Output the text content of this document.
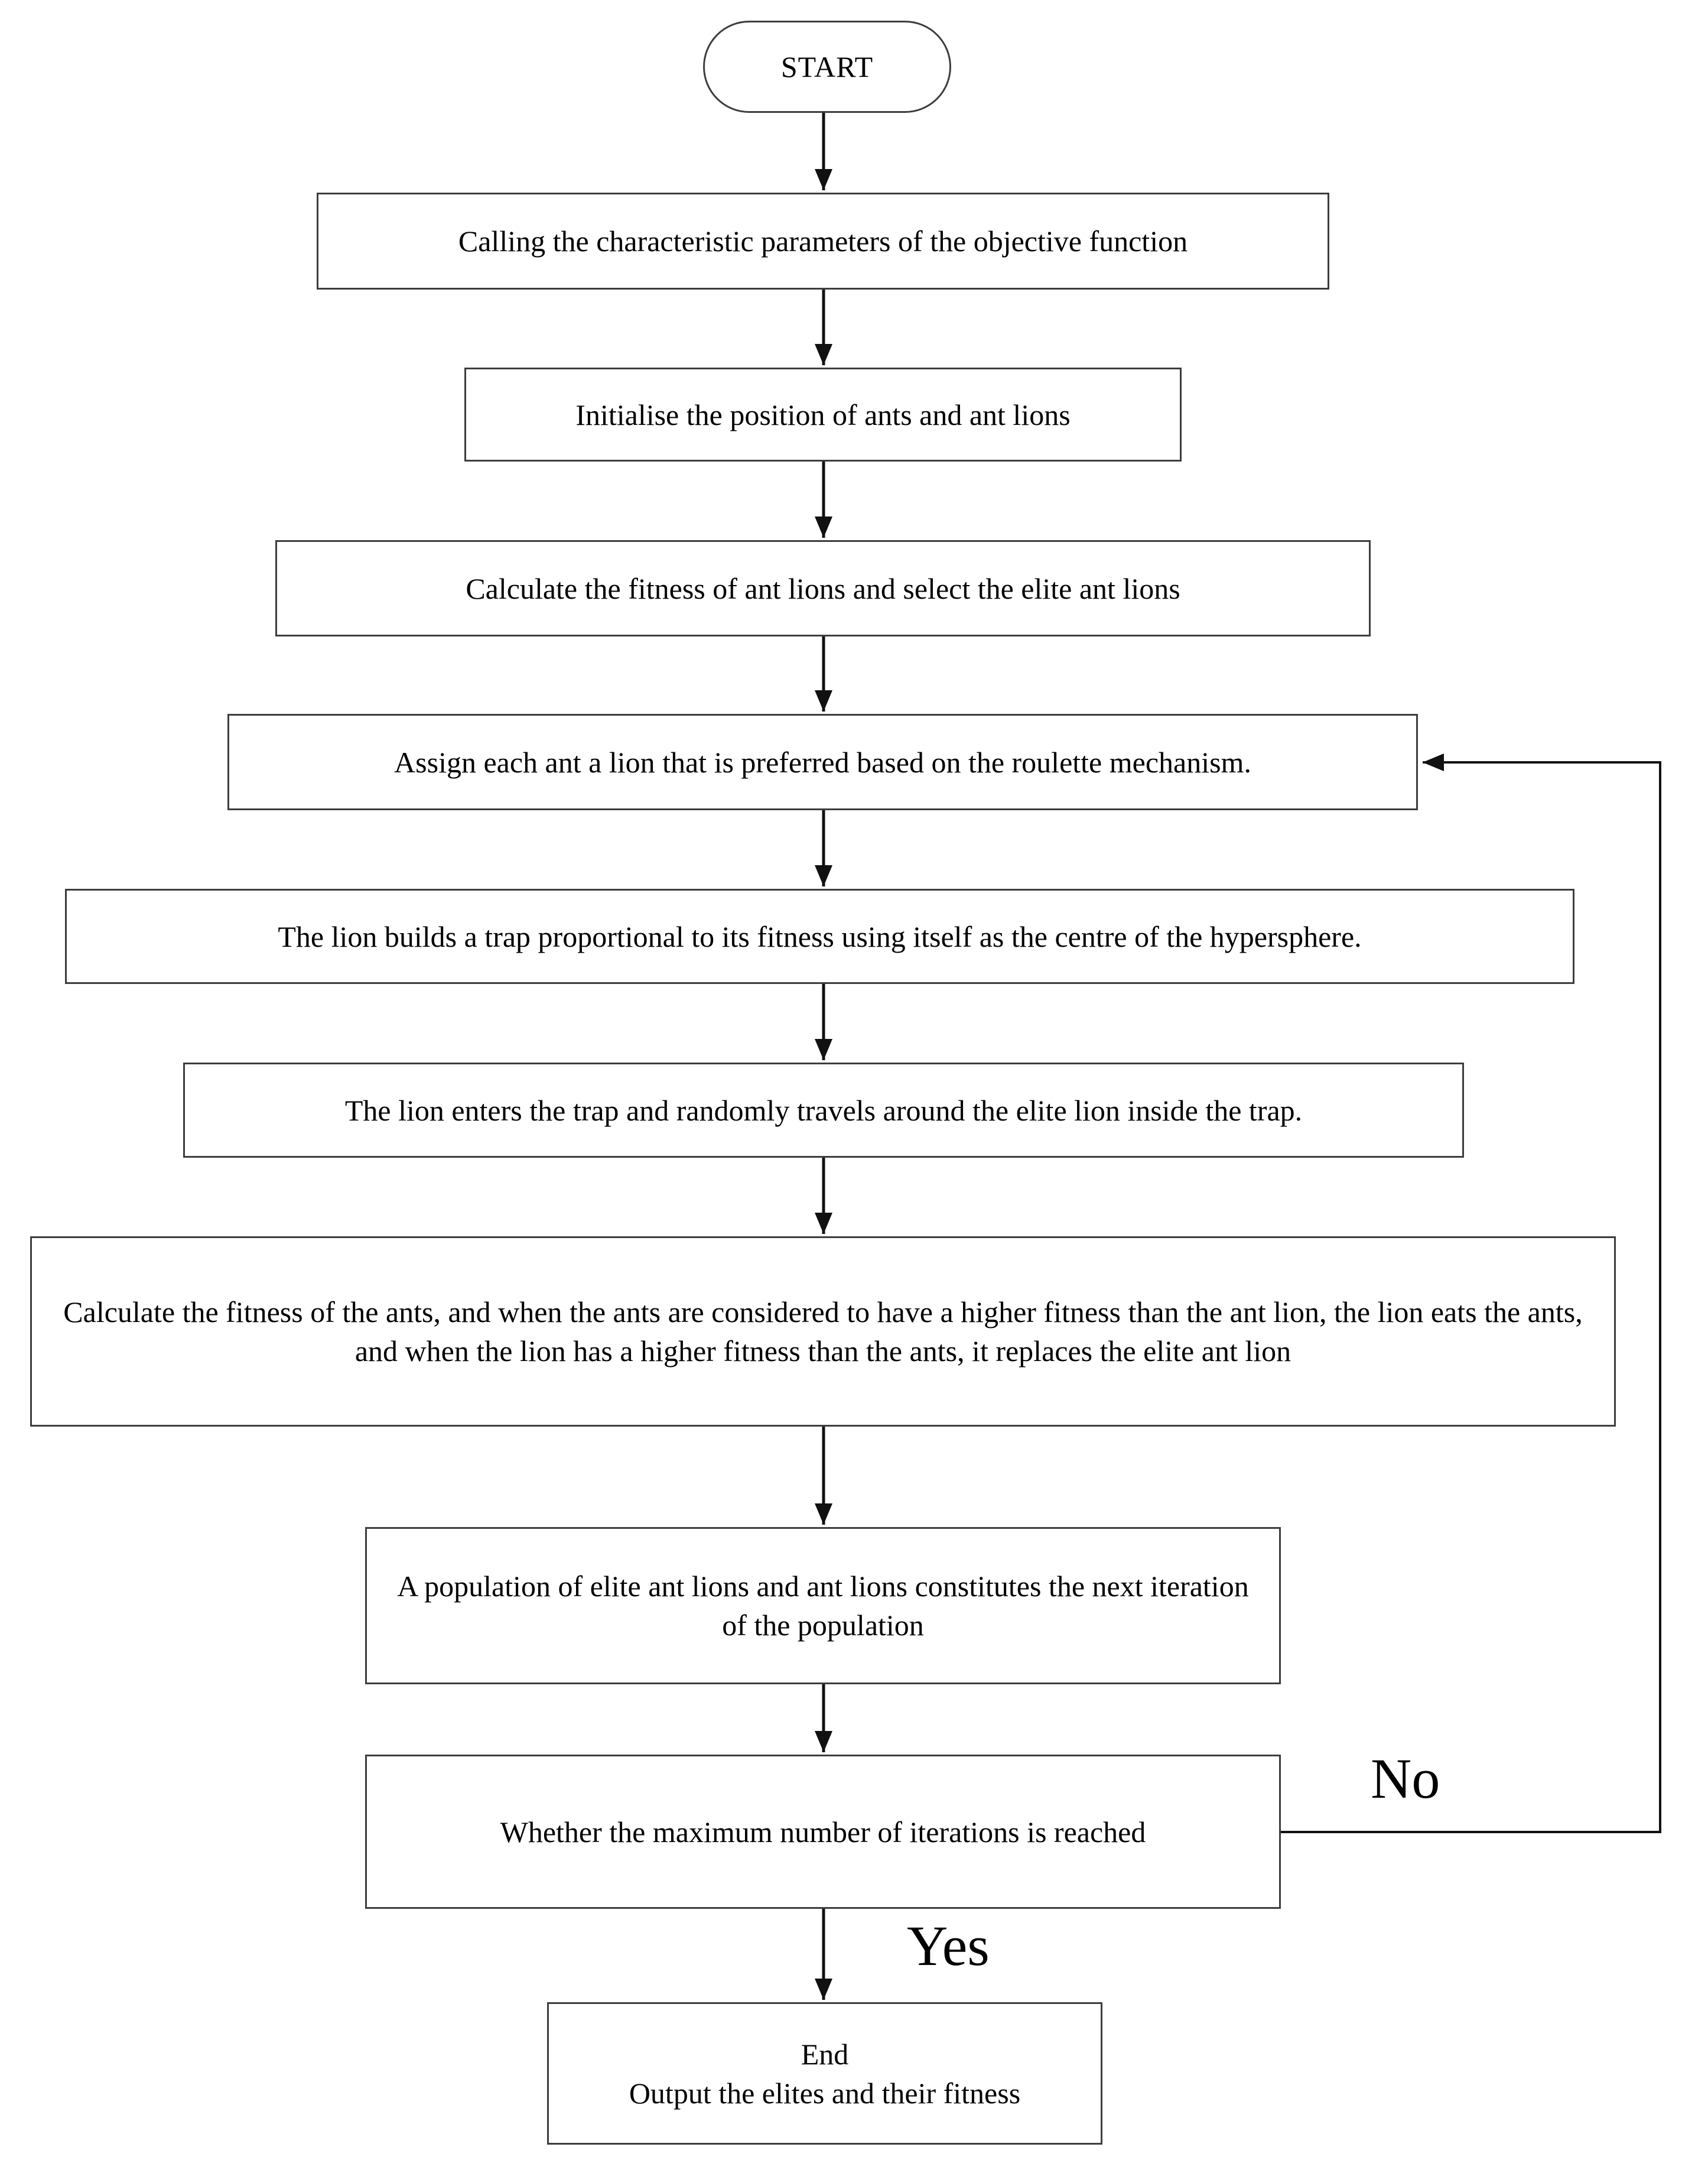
START
Calling the characteristic parameters of the objective function
Initialise the position of ants and ant lions
Calculate the fitness of ant lions and select the elite ant lions
Assign each ant a lion that is preferred based on the roulette mechanism.
The lion builds a trap proportional to its fitness using itself as the centre of the hypersphere.
The lion enters the trap and randomly travels around the elite lion inside the trap.
Calculate the fitness of the ants, and when the ants are considered to have a higher fitness than the ant lion, the lion eats the ants, and when the lion has a higher fitness than the ants, it replaces the elite ant lion
A population of elite ant lions and ant lions constitutes the next iteration of the population
Whether the maximum number of iterations is reached
End
Output the elites and their fitness
No
Yes
